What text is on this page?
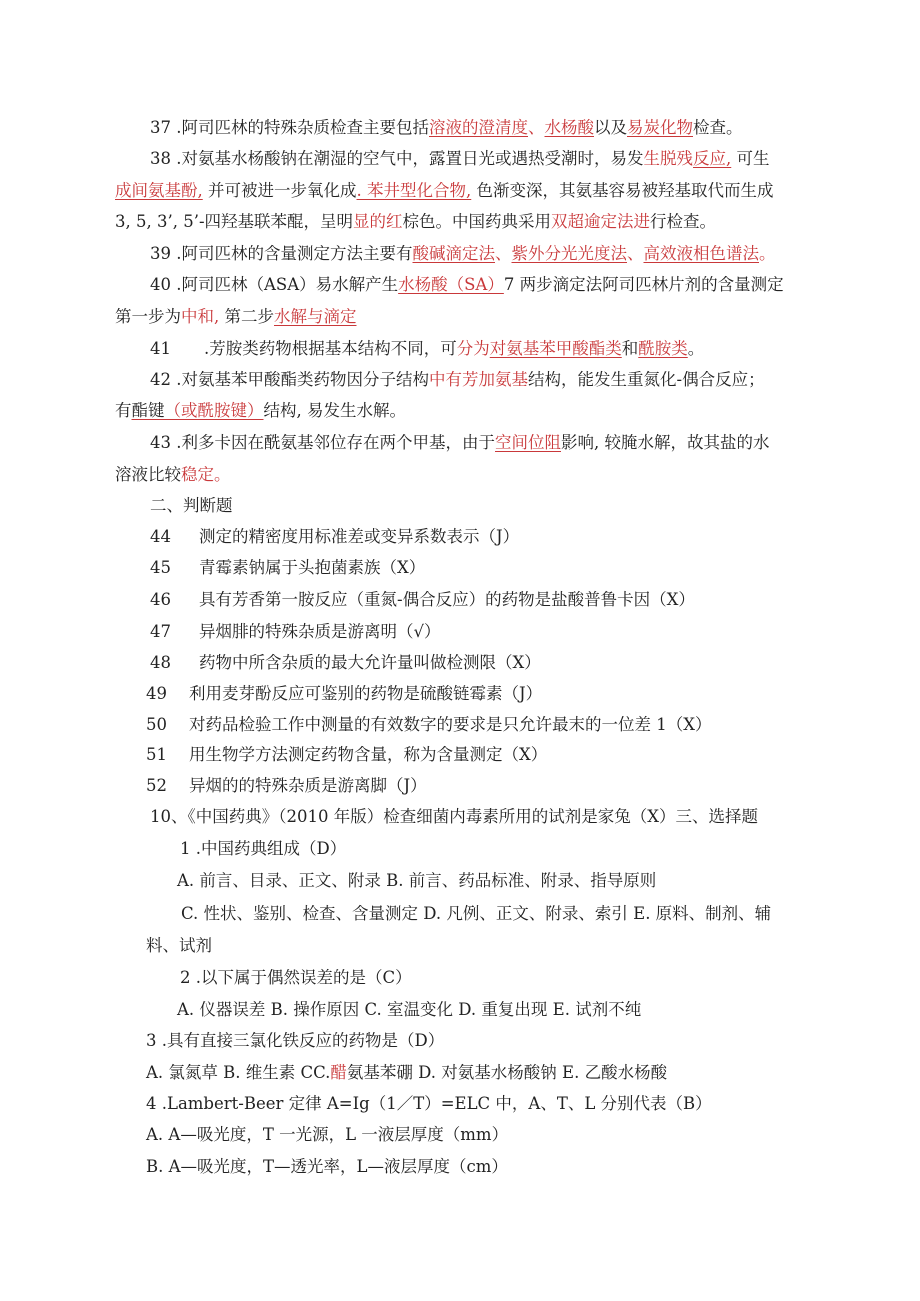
37 .阿司匹林的特殊杂质检查主要包括溶液的澄清度、水杨酸以及易炭化物检查。
38 .对氨基水杨酸钠在潮湿的空气中，露置日光或遇热受潮时，易发生脱残反应, 可生
成间氨基酚, 并可被进一步氧化成. 苯井型化合物, 色渐变深，其氨基容易被羟基取代而生成
3, 5, 3’, 5’-四羟基联苯醌，呈明显的红棕色。中国药典采用双超逾定法进行检查。
39 .阿司匹林的含量测定方法主要有酸碱滴定法、紫外分光光度法、高效液相色谱法。
40 .阿司匹林（ASA）易水解产生水杨酸（SA）7 两步滴定法阿司匹林片剂的含量测定
第一步为中和, 第二步水解与滴定
41　　.芳胺类药物根据基本结构不同，可分为对氨基苯甲酸酯类和酰胺类。
42 .对氨基苯甲酸酯类药物因分子结构中有芳加氨基结构，能发生重氮化-偶合反应；
有酯键（或酰胺键）结构, 易发生水解。
43 .利多卡因在酰氨基邻位存在两个甲基，由于空间位阻影响, 较腌水解，故其盐的水
溶液比较稳定。
二、判断题
44 测定的精密度用标准差或变异系数表示（J）
45 青霉素钠属于头抱菌素族（X）
46 具有芳香第一胺反应（重氮-偶合反应）的药物是盐酸普鲁卡因（X）
47 异烟腓的特殊杂质是游离明（√）
48 药物中所含杂质的最大允许量叫做检测限（X）
49 利用麦芽酚反应可鉴别的药物是硫酸链霉素（J）
50 对药品检验工作中测量的有效数字的要求是只允许最末的一位差 1（X）
51 用生物学方法测定药物含量，称为含量测定（X）
52 异烟的的特殊杂质是游离脚（J）
10、《中国药典》（2010 年版）检查细菌内毒素所用的试剂是家兔（X）三、选择题
1 .中国药典组成（D）
A. 前言、目录、正文、附录 B. 前言、药品标准、附录、指导原则
C. 性状、鉴别、检查、含量测定 D. 凡例、正文、附录、索引 E. 原料、制剂、辅
料、试剂
2 .以下属于偶然误差的是（C）
A. 仪器误差 B. 操作原因 C. 室温变化 D. 重复出现 E. 试剂不纯
3 .具有直接三氯化铁反应的药物是（D）
A. 氯氮草 B. 维生素 CC.醋氨基苯硼 D. 对氨基水杨酸钠 E. 乙酸水杨酸
4 .Lambert-Beer 定律 A=Ig（1／T）=ELC 中，A、T、L 分别代表（B）
A. A—吸光度，T 一光源，L 一液层厚度（mm）
B. A—吸光度，T—透光率，L—液层厚度（cm）
